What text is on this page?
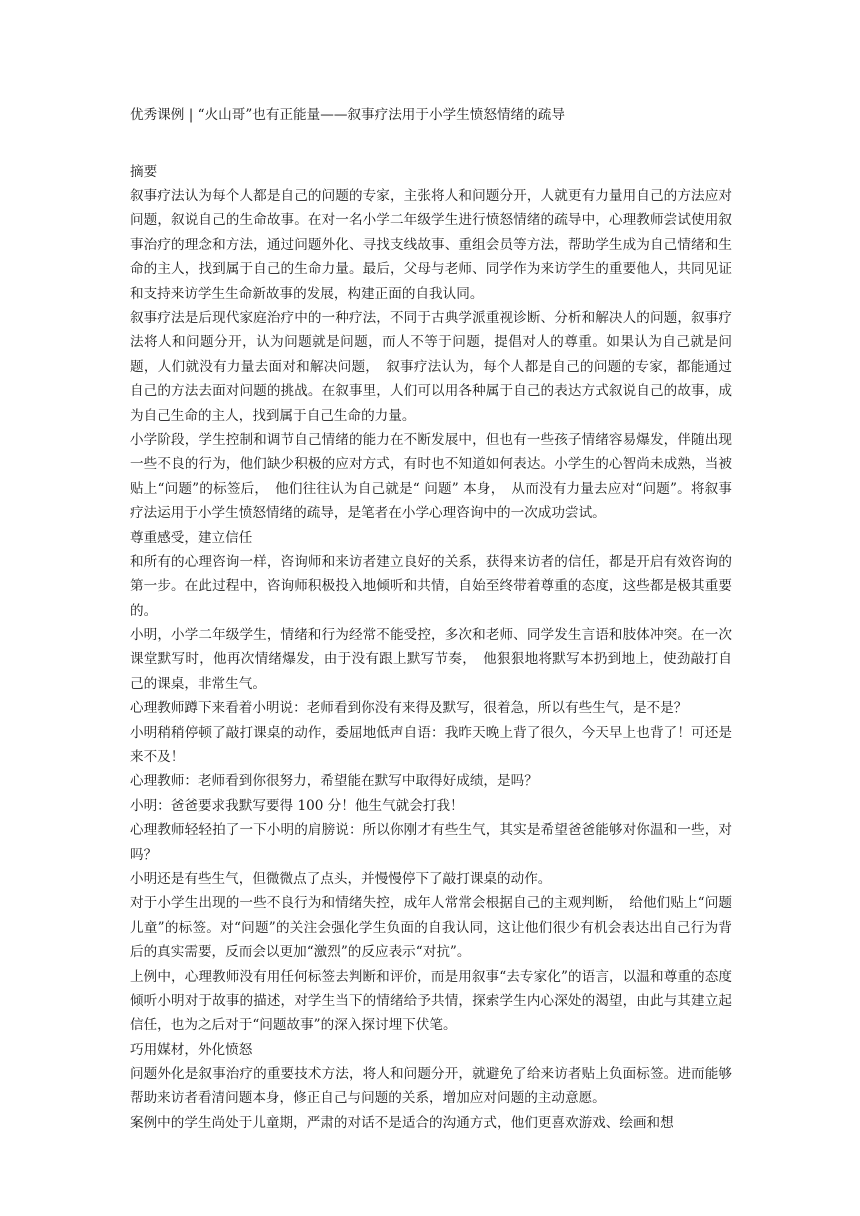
优秀课例 | “火山哥”也有正能量——叙事疗法用于小学生愤怒情绪的疏导

摘要

叙事疗法认为每个人都是自己的问题的专家，主张将人和问题分开，人就更有力量用自己的方法应对问题，叙说自己的生命故事。在对一名小学二年级学生进行愤怒情绪的疏导中，心理教师尝试使用叙事治疗的理念和方法，通过问题外化、寻找支线故事、重组会员等方法，帮助学生成为自己情绪和生命的主人，找到属于自己的生命力量。最后，父母与老师、同学作为来访学生的重要他人，共同见证和支持来访学生生命新故事的发展，构建正面的自我认同。

叙事疗法是后现代家庭治疗中的一种疗法，不同于古典学派重视诊断、分析和解决人的问题，叙事疗法将人和问题分开，认为问题就是问题，而人不等于问题，提倡对人的尊重。如果认为自己就是问题，人们就没有力量去面对和解决问题，　叙事疗法认为，每个人都是自己的问题的专家，都能通过自己的方法去面对问题的挑战。在叙事里，人们可以用各种属于自己的表达方式叙说自己的故事，成为自己生命的主人，找到属于自己生命的力量。

小学阶段，学生控制和调节自己情绪的能力在不断发展中，但也有一些孩子情绪容易爆发，伴随出现一些不良的行为，他们缺少积极的应对方式，有时也不知道如何表达。小学生的心智尚未成熟，当被贴上“问题”的标签后，　他们往往认为自己就是“ 问题” 本身，　从而没有力量去应对“问题”。将叙事疗法运用于小学生愤怒情绪的疏导，是笔者在小学心理咨询中的一次成功尝试。

尊重感受，建立信任

和所有的心理咨询一样，咨询师和来访者建立良好的关系，获得来访者的信任，都是开启有效咨询的第一步。在此过程中，咨询师积极投入地倾听和共情，自始至终带着尊重的态度，这些都是极其重要的。

小明，小学二年级学生，情绪和行为经常不能受控，多次和老师、同学发生言语和肢体冲突。在一次课堂默写时，他再次情绪爆发，由于没有跟上默写节奏，　他狠狠地将默写本扔到地上，使劲敲打自己的课桌，非常生气。

心理教师蹲下来看着小明说：老师看到你没有来得及默写，很着急，所以有些生气，是不是？

小明稍稍停顿了敲打课桌的动作，委屈地低声自语：我昨天晚上背了很久，今天早上也背了！可还是来不及！

心理教师：老师看到你很努力，希望能在默写中取得好成绩，是吗？

小明：爸爸要求我默写要得 100 分！他生气就会打我！

心理教师轻轻拍了一下小明的肩膀说：所以你刚才有些生气，其实是希望爸爸能够对你温和一些，对吗？

小明还是有些生气，但微微点了点头，并慢慢停下了敲打课桌的动作。

对于小学生出现的一些不良行为和情绪失控，成年人常常会根据自己的主观判断，　给他们贴上“问题儿童”的标签。对“问题”的关注会强化学生负面的自我认同，这让他们很少有机会表达出自己行为背后的真实需要，反而会以更加“激烈”的反应表示“对抗”。

上例中，心理教师没有用任何标签去判断和评价，而是用叙事“去专家化”的语言，以温和尊重的态度倾听小明对于故事的描述，对学生当下的情绪给予共情，探索学生内心深处的渴望，由此与其建立起信任，也为之后对于“问题故事”的深入探讨埋下伏笔。

巧用媒材，外化愤怒

问题外化是叙事治疗的重要技术方法，将人和问题分开，就避免了给来访者贴上负面标签。进而能够帮助来访者看清问题本身，修正自己与问题的关系，增加应对问题的主动意愿。

案例中的学生尚处于儿童期，严肃的对话不是适合的沟通方式，他们更喜欢游戏、绘画和想
